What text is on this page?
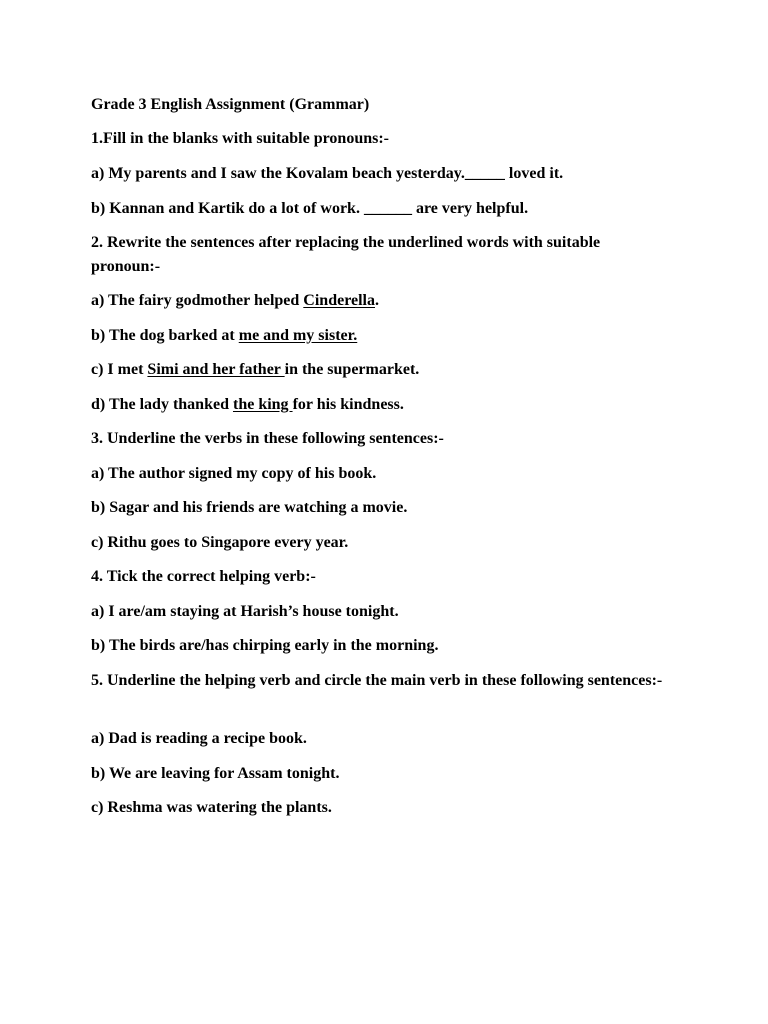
Grade 3 English Assignment (Grammar)

1.Fill in the blanks with suitable pronouns:-

a) My parents and I saw the Kovalam beach yesterday._____ loved it.

b) Kannan and Kartik do a lot of work. ______ are very helpful.

2. Rewrite the sentences after replacing the underlined words with suitable pronoun:-

a) The fairy godmother helped Cinderella.

b) The dog barked at me and my sister.

c) I met Simi and her father in the supermarket.

d) The lady thanked the king for his kindness.

3. Underline the verbs in these following sentences:-

a) The author signed my copy of his book.

b) Sagar and his friends are watching a movie.

c) Rithu goes to Singapore every year.

4. Tick the correct helping verb:-

a) I are/am staying at Harish’s house tonight.

b) The birds are/has chirping early in the morning.

5. Underline the helping verb and circle the main verb in these following sentences:-

a) Dad is reading a recipe book.

b) We are leaving for Assam tonight.

c) Reshma was watering the plants.
